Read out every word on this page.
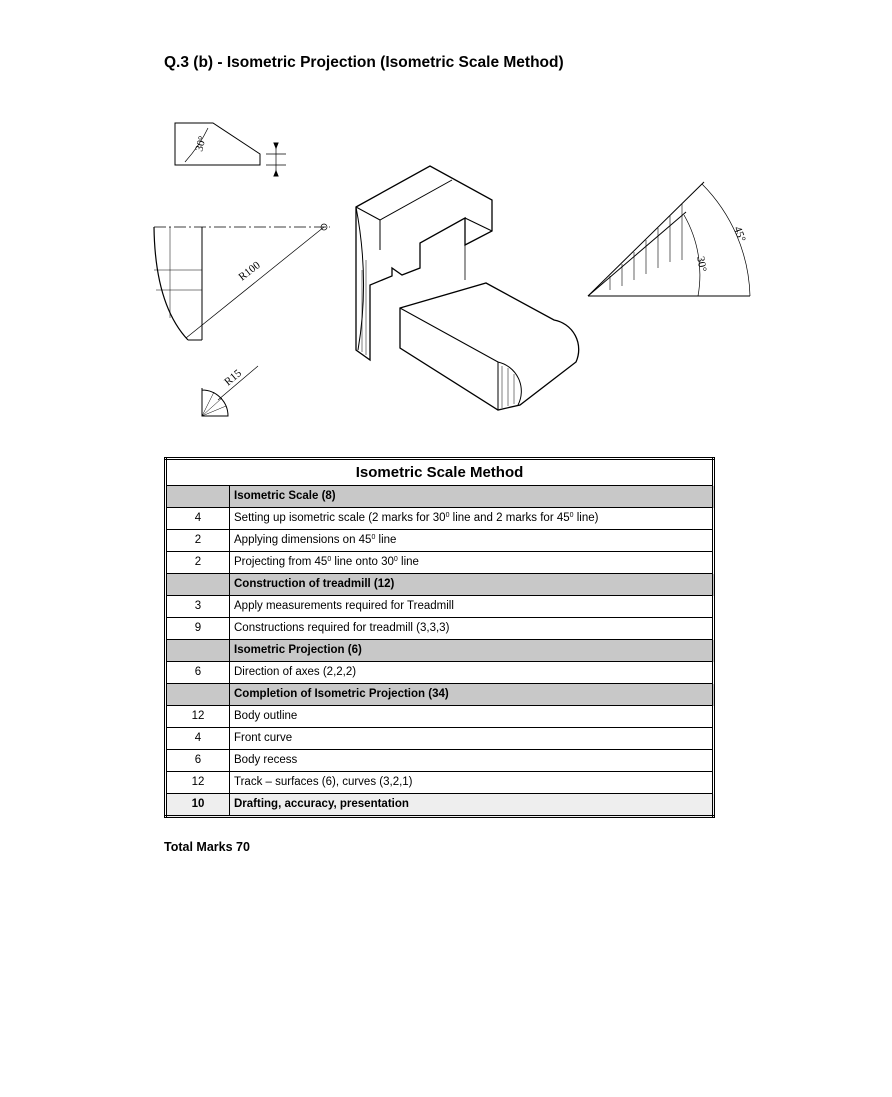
Q.3 (b) - Isometric Projection (Isometric Scale Method)
30°
R100
R15
45°
30°
Isometric Scale Method	
	Isometric Scale (8)
4	Setting up isometric scale (2 marks for $30^0$ line and 2 marks for $45^0$ line)
2	Applying dimensions on $45^0$ line
2	Projecting from $45^0$ line onto $30^0$ line
	Construction of treadmill (12)
3	Apply measurements required for Treadmill
9	Constructions required for treadmill (3,3,3)
	Isometric Projection (6)
6	Direction of axes (2,2,2)
	Completion of Isometric Projection (34)
12	Body outline
4	Front curve
6	Body recess
12	Track – surfaces (6), curves (3,2,1)
10	Drafting, accuracy, presentation
Total Marks 70
